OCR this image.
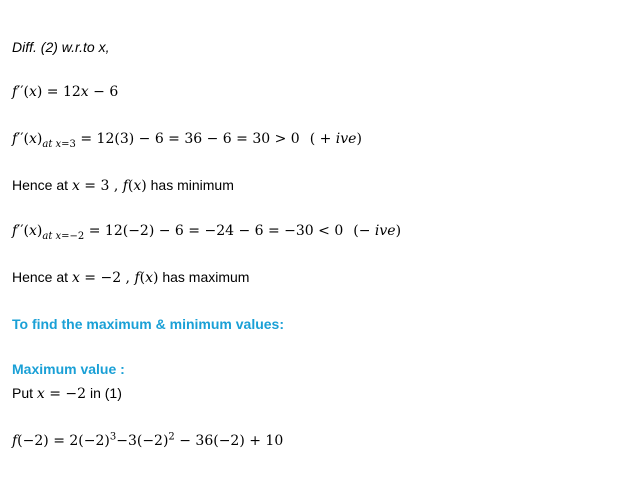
Diff. (2) w.r.to x,
𝑓′′(𝑥) = 12𝑥 − 6
$𝑓''(𝑥)_{𝑎𝑡 𝑥=3} = 12(3) - 6 = 36 - 6 = 30 > 0$ ( + 𝑖𝑣𝑒)
Hence at 𝑥 = 3 , 𝑓(𝑥) has minimum
$𝑓''(𝑥)_{𝑎𝑡 𝑥=-2} = 12(-2) - 6 = -24 - 6 = -30 < 0$ (− 𝑖𝑣𝑒)
Hence at 𝑥 = −2 , 𝑓(𝑥) has maximum
To find the maximum & minimum values:
Maximum value :
Put 𝑥 = −2 in (1)
𝑓(−2) = $2(-2)^3-3(-2)^2 - 36(-2) + 10$
